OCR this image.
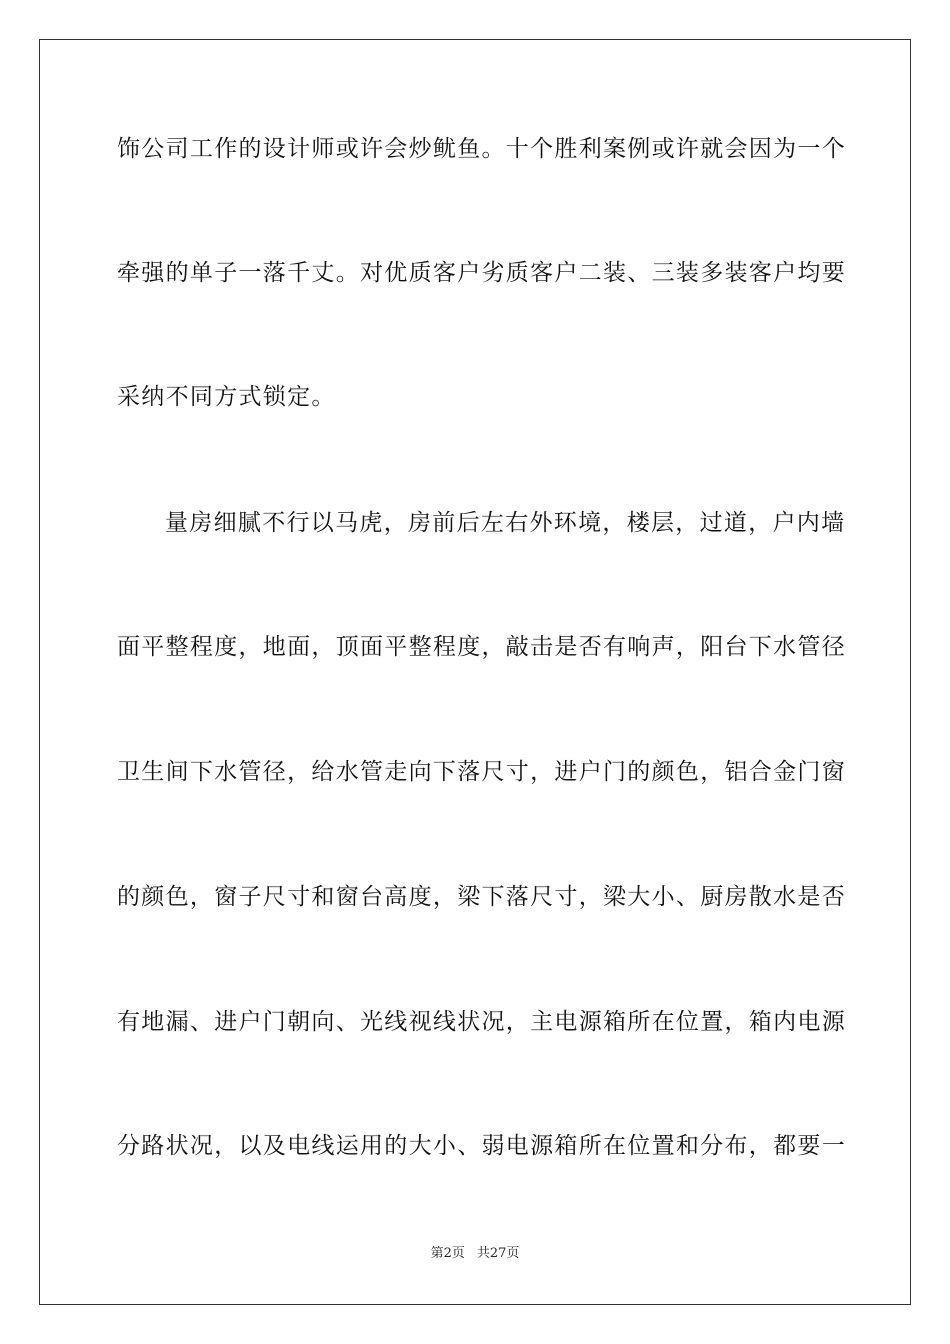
饰公司工作的设计师或许会炒鱿鱼。十个胜利案例或许就会因为一个
牵强的单子一落千丈。对优质客户劣质客户二装、三装多装客户均要
采纳不同方式锁定。
量房细腻不行以马虎，房前后左右外环境，楼层，过道，户内墙
面平整程度，地面，顶面平整程度，敲击是否有响声，阳台下水管径
卫生间下水管径，给水管走向下落尺寸，进户门的颜色，铝合金门窗
的颜色，窗子尺寸和窗台高度，梁下落尺寸，梁大小、厨房散水是否
有地漏、进户门朝向、光线视线状况，主电源箱所在位置，箱内电源
分路状况，以及电线运用的大小、弱电源箱所在位置和分布，都要一
第2页 共27页
